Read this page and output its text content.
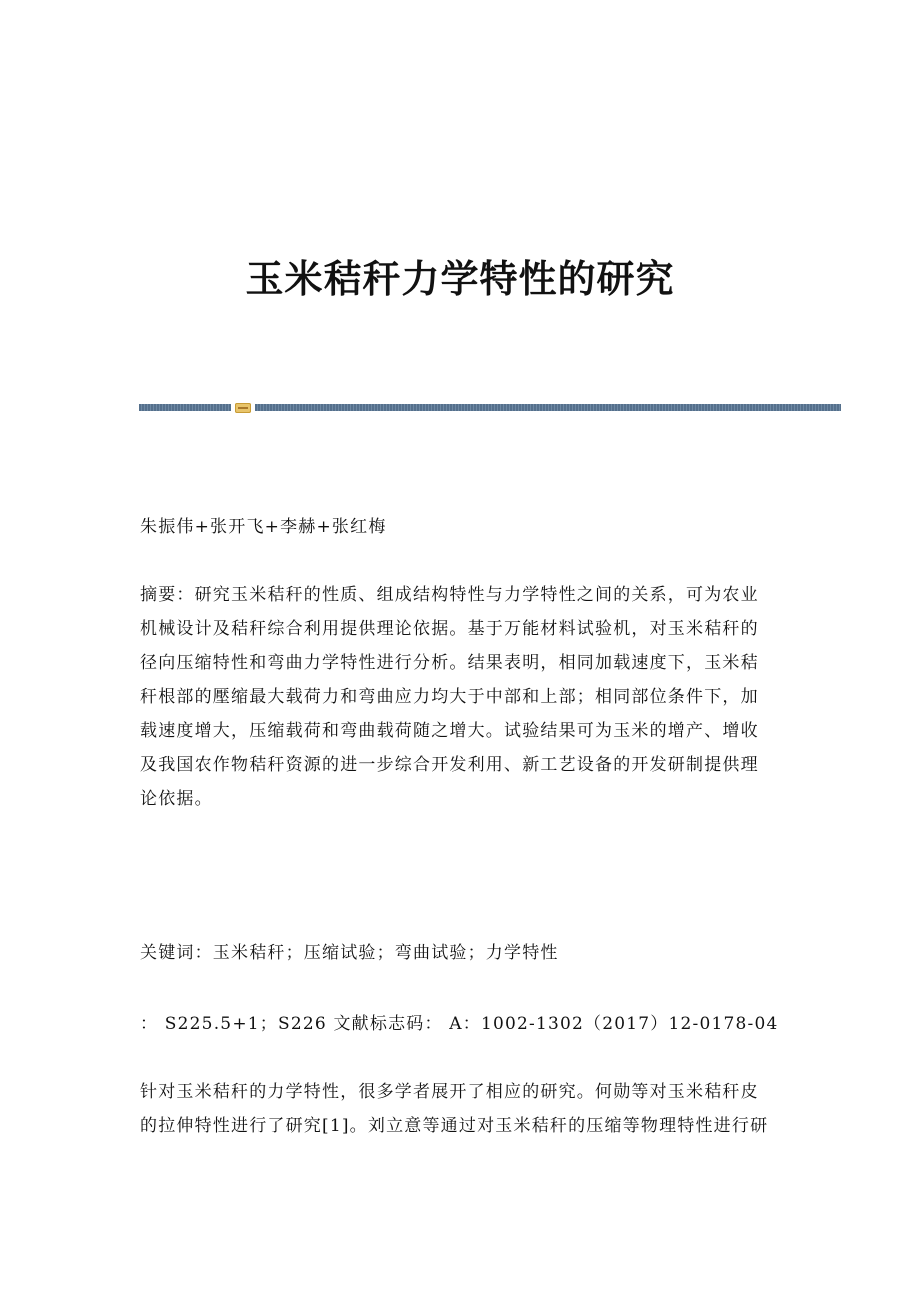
玉米秸秆力学特性的研究

朱振伟+张开飞+李赫+张红梅

摘要：研究玉米秸秆的性质、组成结构特性与力学特性之间的关系，可为农业
机械设计及秸秆综合利用提供理论依据。基于万能材料试验机，对玉米秸秆的
径向压缩特性和弯曲力学特性进行分析。结果表明，相同加载速度下，玉米秸
秆根部的壓缩最大载荷力和弯曲应力均大于中部和上部；相同部位条件下，加
载速度增大，压缩载荷和弯曲载荷随之增大。试验结果可为玉米的增产、增收
及我国农作物秸秆资源的进一步综合开发利用、新工艺设备的开发研制提供理
论依据。

关键词：玉米秸秆；压缩试验；弯曲试验；力学特性

： S225.5+1；S226 文献标志码： A：1002-1302（2017）12-0178-04

针对玉米秸秆的力学特性，很多学者展开了相应的研究。何勋等对玉米秸秆皮
的拉伸特性进行了研究[1]。刘立意等通过对玉米秸秆的压缩等物理特性进行研
